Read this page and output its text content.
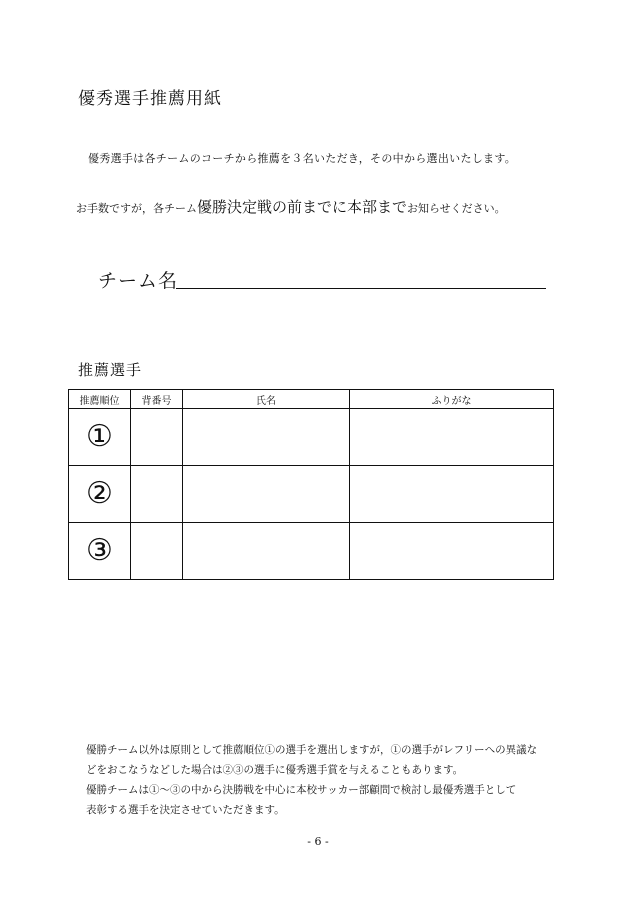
優秀選手推薦用紙
優秀選手は各チームのコーチから推薦を３名いただき，その中から選出いたします。
お手数ですが，各チーム優勝決定戦の前までに本部までお知らせください。
チーム名
推薦選手
推薦順位	背番号	氏名	ふりがな
①			
②			
③			

優勝チーム以外は原則として推薦順位①の選手を選出しますが，①の選手がレフリーへの異議な

どをおこなうなどした場合は②③の選手に優秀選手賞を与えることもあります。

優勝チームは①～③の中から決勝戦を中心に本校サッカー部顧問で検討し最優秀選手として

表彰する選手を決定させていただきます。

- 6 -
